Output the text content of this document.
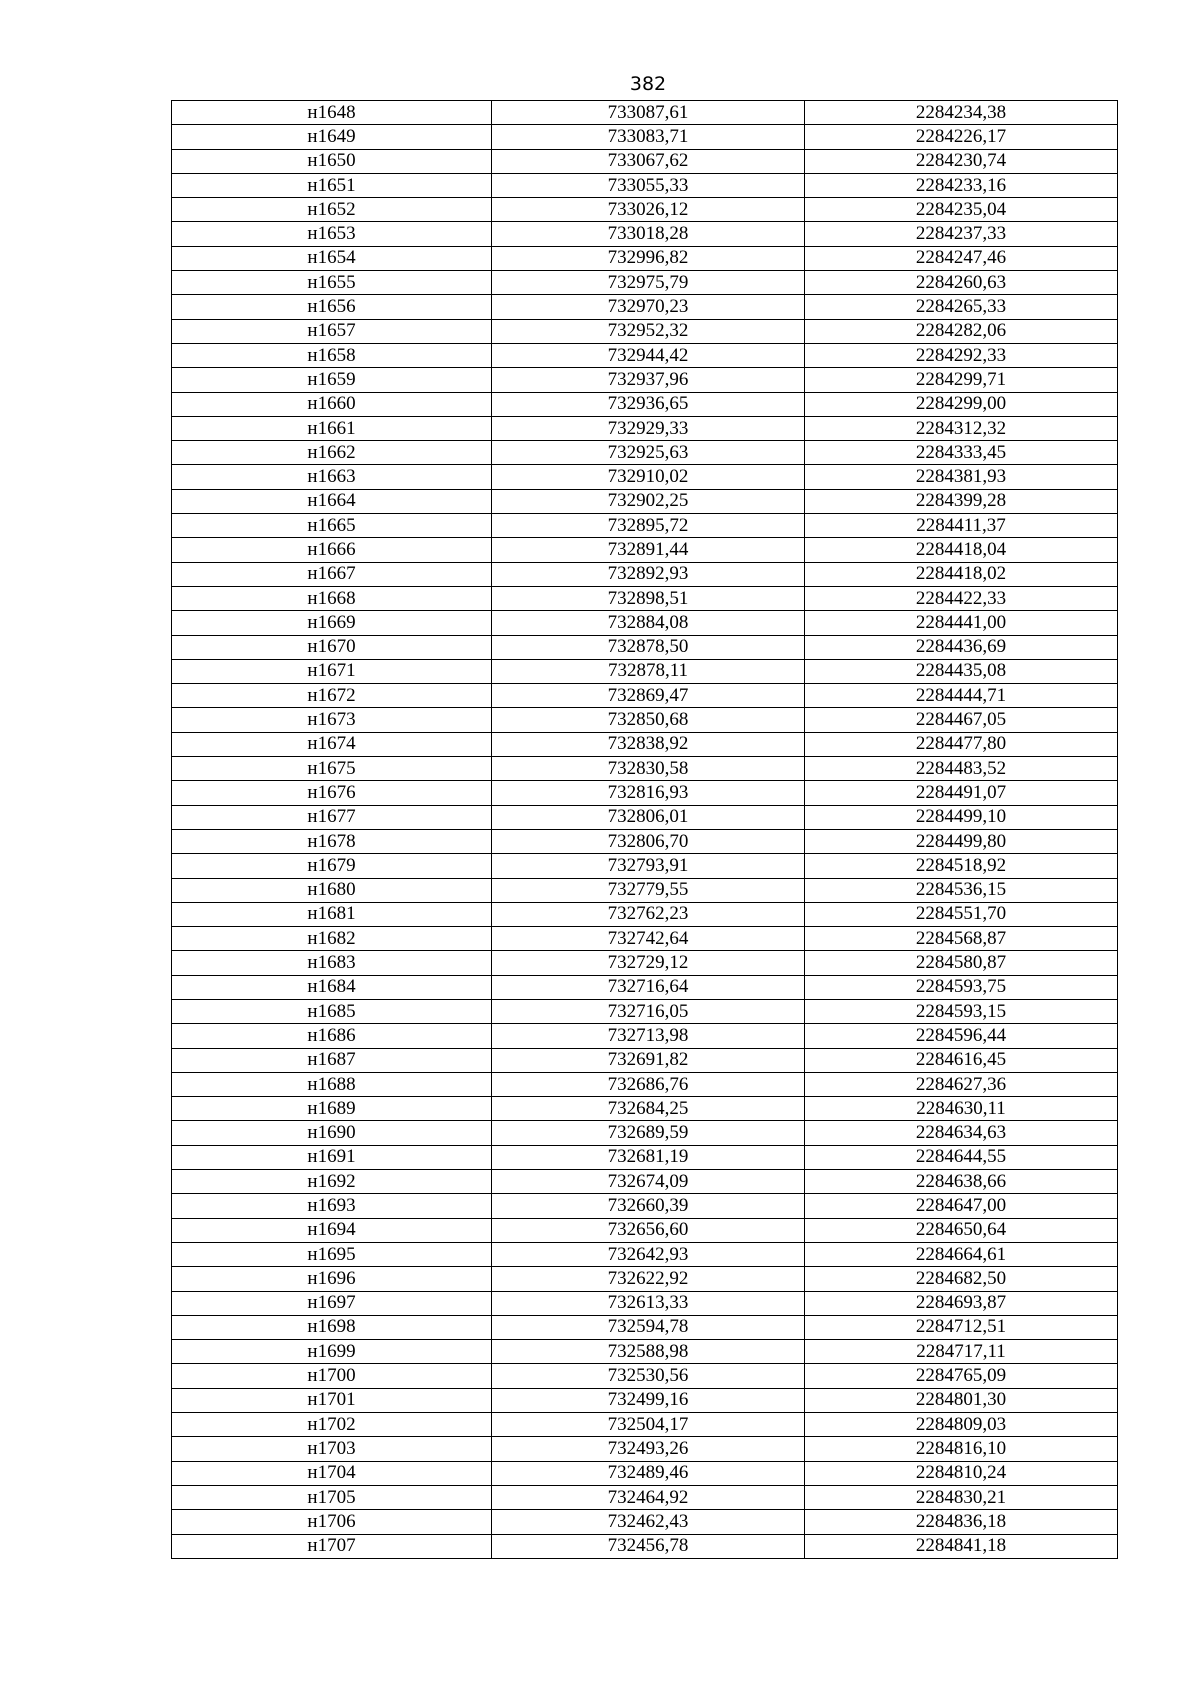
382
н1648	733087,61	2284234,38
н1649	733083,71	2284226,17
н1650	733067,62	2284230,74
н1651	733055,33	2284233,16
н1652	733026,12	2284235,04
н1653	733018,28	2284237,33
н1654	732996,82	2284247,46
н1655	732975,79	2284260,63
н1656	732970,23	2284265,33
н1657	732952,32	2284282,06
н1658	732944,42	2284292,33
н1659	732937,96	2284299,71
н1660	732936,65	2284299,00
н1661	732929,33	2284312,32
н1662	732925,63	2284333,45
н1663	732910,02	2284381,93
н1664	732902,25	2284399,28
н1665	732895,72	2284411,37
н1666	732891,44	2284418,04
н1667	732892,93	2284418,02
н1668	732898,51	2284422,33
н1669	732884,08	2284441,00
н1670	732878,50	2284436,69
н1671	732878,11	2284435,08
н1672	732869,47	2284444,71
н1673	732850,68	2284467,05
н1674	732838,92	2284477,80
н1675	732830,58	2284483,52
н1676	732816,93	2284491,07
н1677	732806,01	2284499,10
н1678	732806,70	2284499,80
н1679	732793,91	2284518,92
н1680	732779,55	2284536,15
н1681	732762,23	2284551,70
н1682	732742,64	2284568,87
н1683	732729,12	2284580,87
н1684	732716,64	2284593,75
н1685	732716,05	2284593,15
н1686	732713,98	2284596,44
н1687	732691,82	2284616,45
н1688	732686,76	2284627,36
н1689	732684,25	2284630,11
н1690	732689,59	2284634,63
н1691	732681,19	2284644,55
н1692	732674,09	2284638,66
н1693	732660,39	2284647,00
н1694	732656,60	2284650,64
н1695	732642,93	2284664,61
н1696	732622,92	2284682,50
н1697	732613,33	2284693,87
н1698	732594,78	2284712,51
н1699	732588,98	2284717,11
н1700	732530,56	2284765,09
н1701	732499,16	2284801,30
н1702	732504,17	2284809,03
н1703	732493,26	2284816,10
н1704	732489,46	2284810,24
н1705	732464,92	2284830,21
н1706	732462,43	2284836,18
н1707	732456,78	2284841,18
